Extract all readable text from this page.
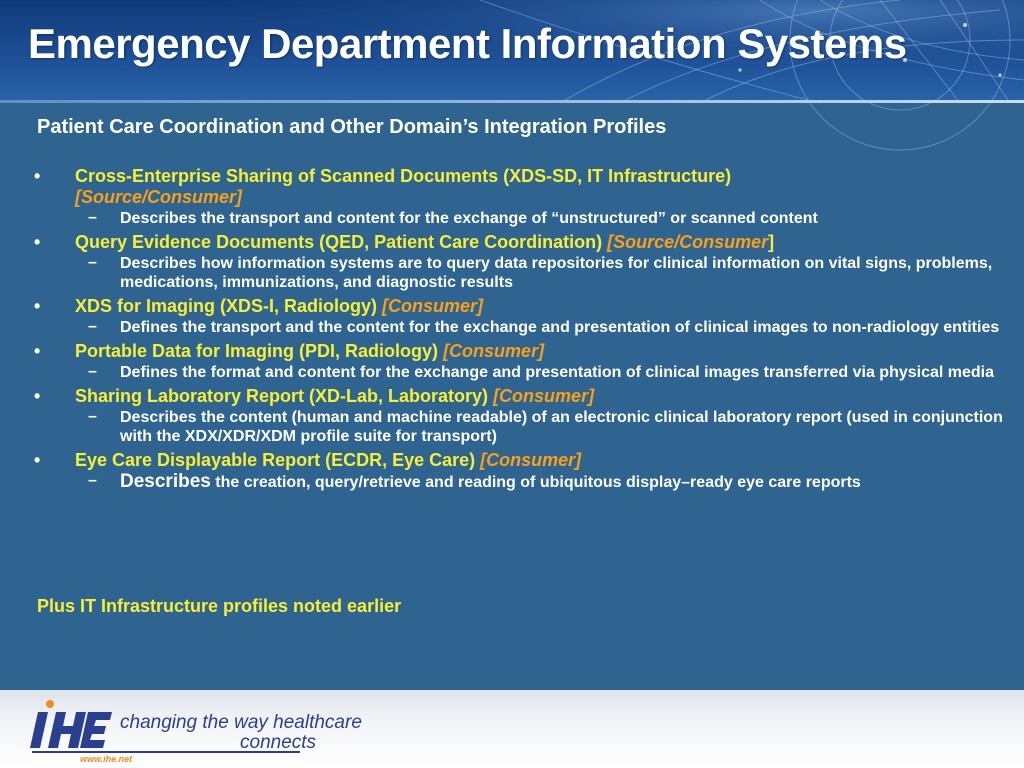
Emergency Department Information Systems
Patient Care Coordination and Other Domain’s Integration Profiles
• Cross-Enterprise Sharing of Scanned Documents (XDS-SD, IT Infrastructure)
[Source/Consumer]
– Describes the transport and content for the exchange of “unstructured” or scanned content
• Query Evidence Documents (QED, Patient Care Coordination) [Source/Consumer]
– Describes how information systems are to query data repositories for clinical information on vital signs, problems, medications, immunizations, and diagnostic results
• XDS for Imaging (XDS-I, Radiology) [Consumer]
– Defines the transport and the content for the exchange and presentation of clinical images to non-radiology entities
• Portable Data for Imaging (PDI, Radiology) [Consumer]
– Defines the format and content for the exchange and presentation of clinical images transferred via physical media
• Sharing Laboratory Report (XD-Lab, Laboratory) [Consumer]
– Describes the content (human and machine readable) of an electronic clinical laboratory report (used in conjunction with the XDX/XDR/XDM profile suite for transport)
• Eye Care Displayable Report (ECDR, Eye Care) [Consumer]
– Describes the creation, query/retrieve and reading of ubiquitous display–ready eye care reports
Plus IT Infrastructure profiles noted earlier
changing the way healthcare
connects
www.ihe.net
